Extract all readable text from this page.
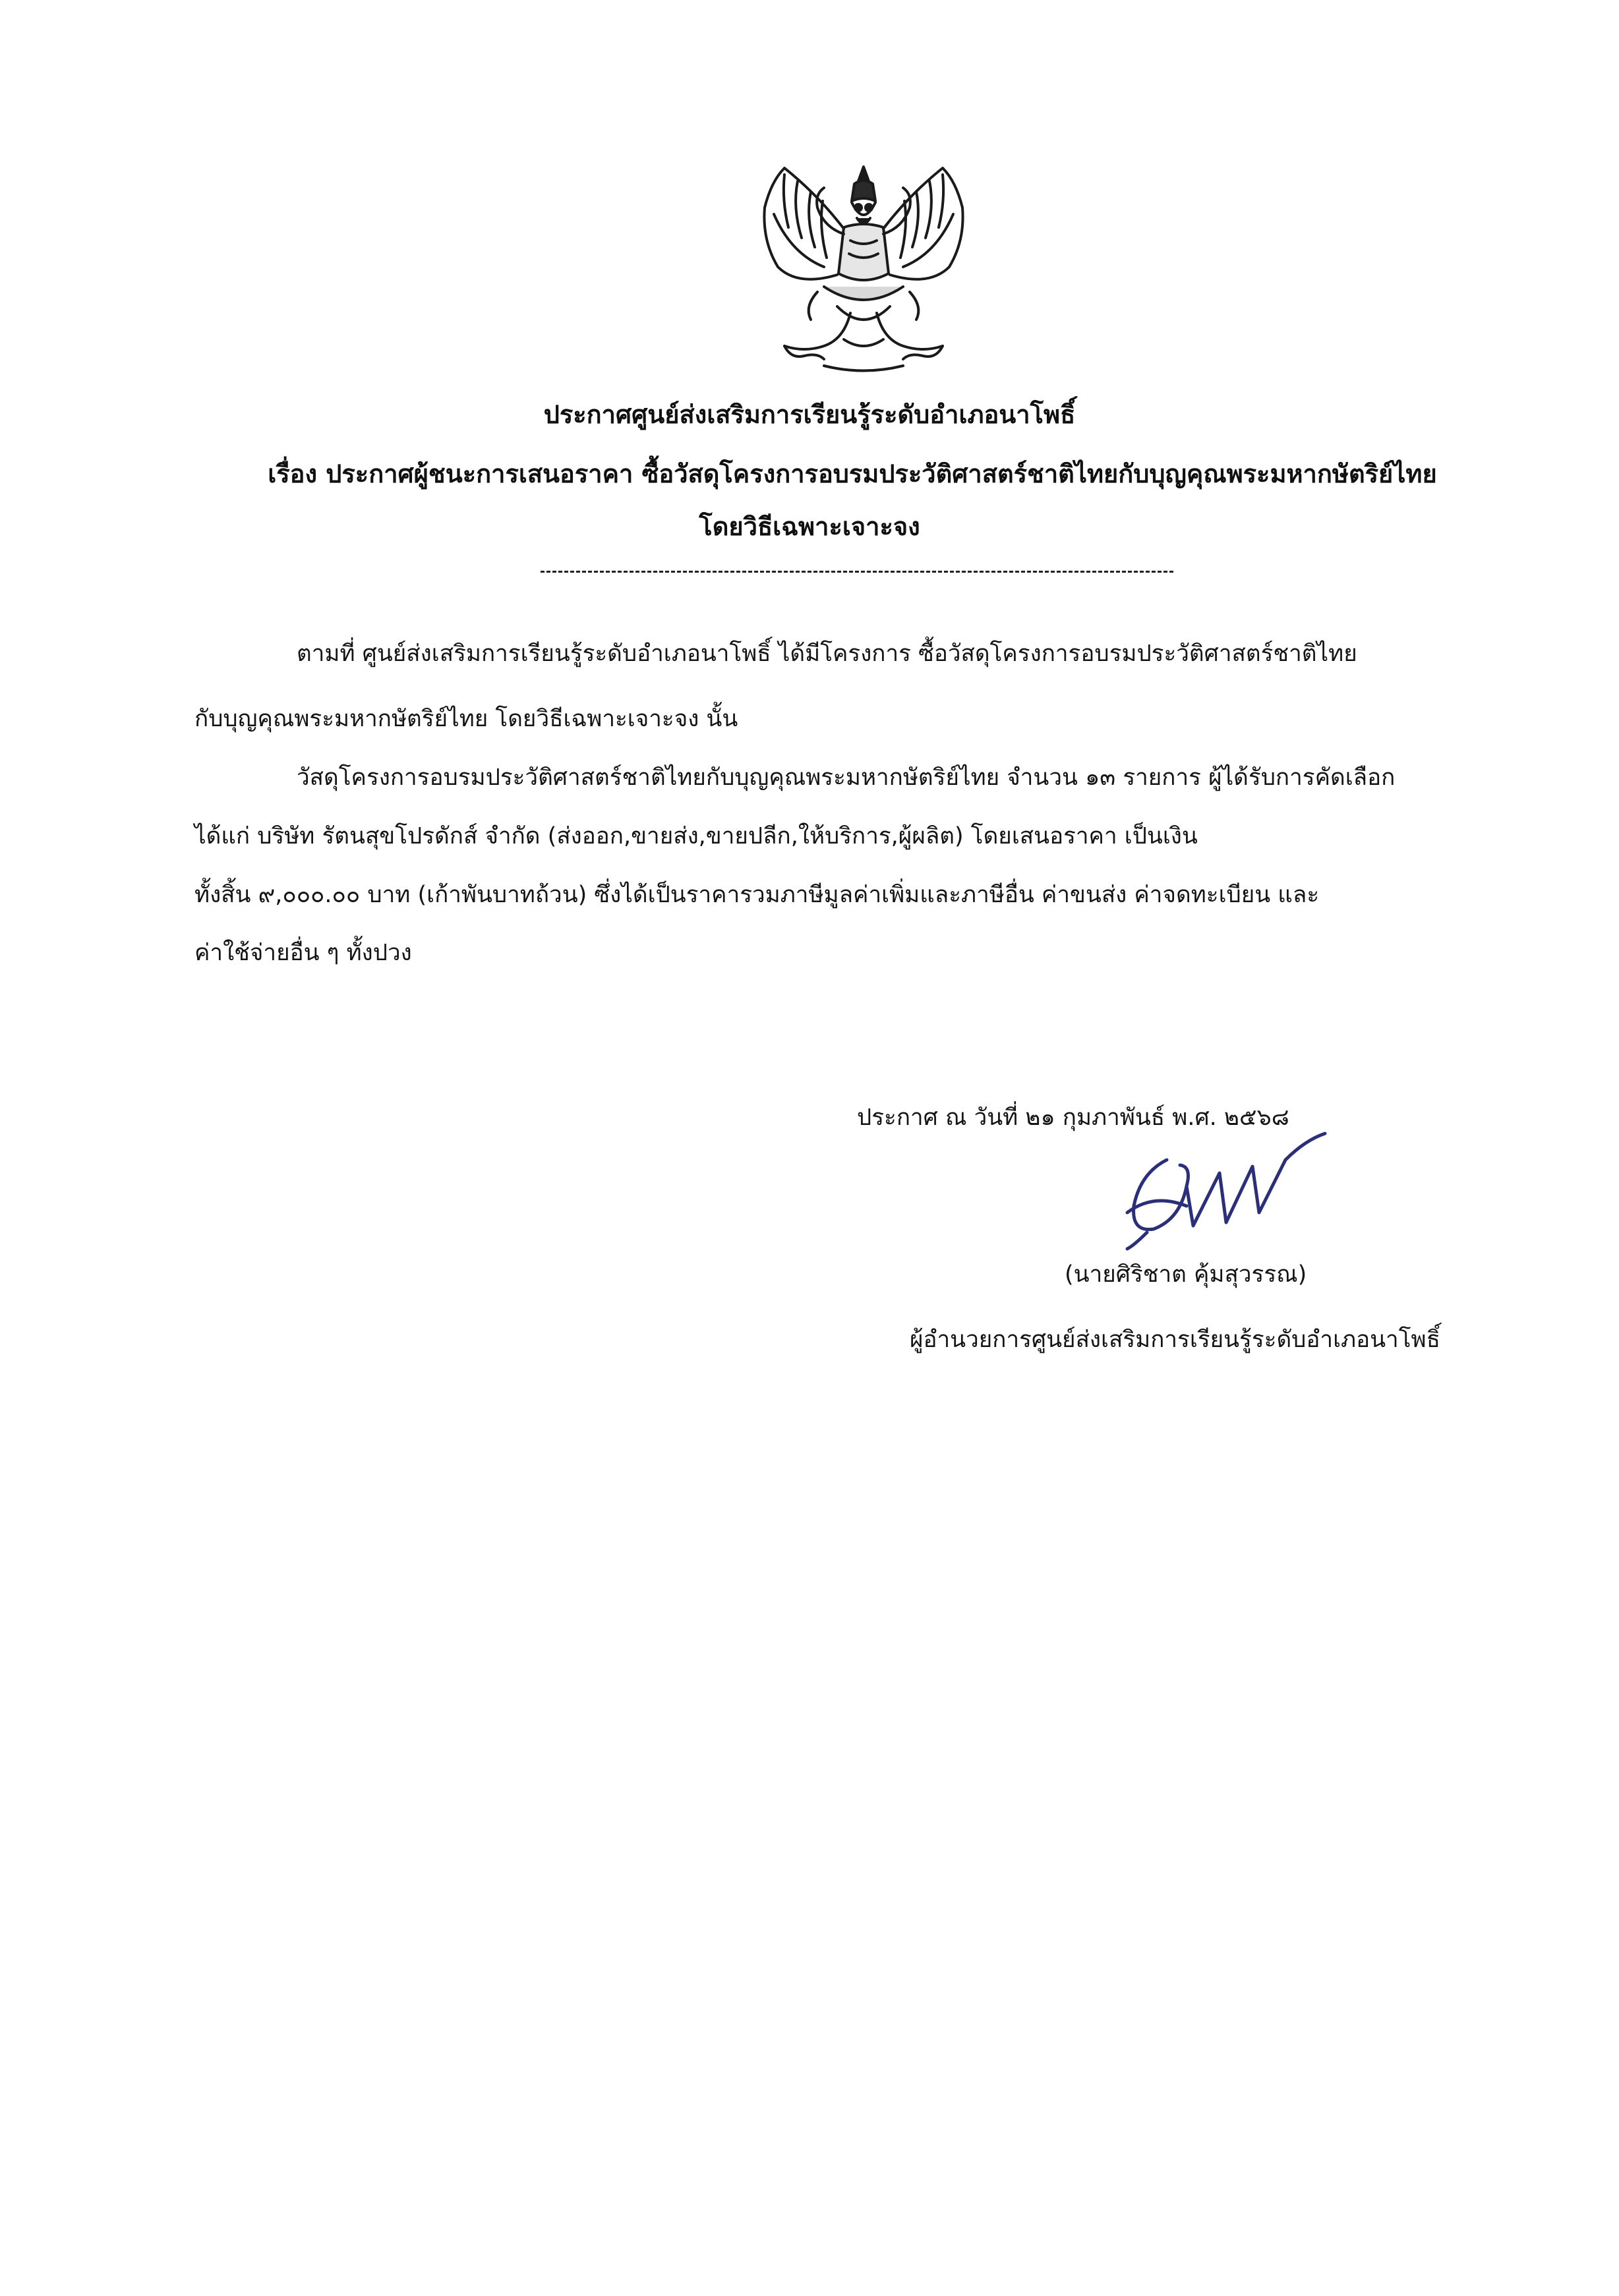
ประกาศศูนย์ส่งเสริมการเรียนรู้ระดับอำเภอนาโพธิ์
เรื่อง ประกาศผู้ชนะการเสนอราคา ซื้อวัสดุโครงการอบรมประวัติศาสตร์ชาติไทยกับบุญคุณพระมหากษัตริย์ไทย
โดยวิธีเฉพาะเจาะจง
ตามที่ ศูนย์ส่งเสริมการเรียนรู้ระดับอำเภอนาโพธิ์ ได้มีโครงการ ซื้อวัสดุโครงการอบรมประวัติศาสตร์ชาติไทย
กับบุญคุณพระมหากษัตริย์ไทย โดยวิธีเฉพาะเจาะจง นั้น
วัสดุโครงการอบรมประวัติศาสตร์ชาติไทยกับบุญคุณพระมหากษัตริย์ไทย จำนวน ๑๓ รายการ ผู้ได้รับการคัดเลือก
ได้แก่ บริษัท รัตนสุขโปรดักส์ จำกัด (ส่งออก,ขายส่ง,ขายปลีก,ให้บริการ,ผู้ผลิต) โดยเสนอราคา เป็นเงิน
ทั้งสิ้น ๙,๐๐๐.๐๐ บาท (เก้าพันบาทถ้วน) ซึ่งได้เป็นราคารวมภาษีมูลค่าเพิ่มและภาษีอื่น ค่าขนส่ง ค่าจดทะเบียน และ
ค่าใช้จ่ายอื่น ๆ ทั้งปวง
ประกาศ ณ วันที่ ๒๑ กุมภาพันธ์ พ.ศ. ๒๕๖๘
(นายศิริชาต คุ้มสุวรรณ)
ผู้อำนวยการศูนย์ส่งเสริมการเรียนรู้ระดับอำเภอนาโพธิ์
